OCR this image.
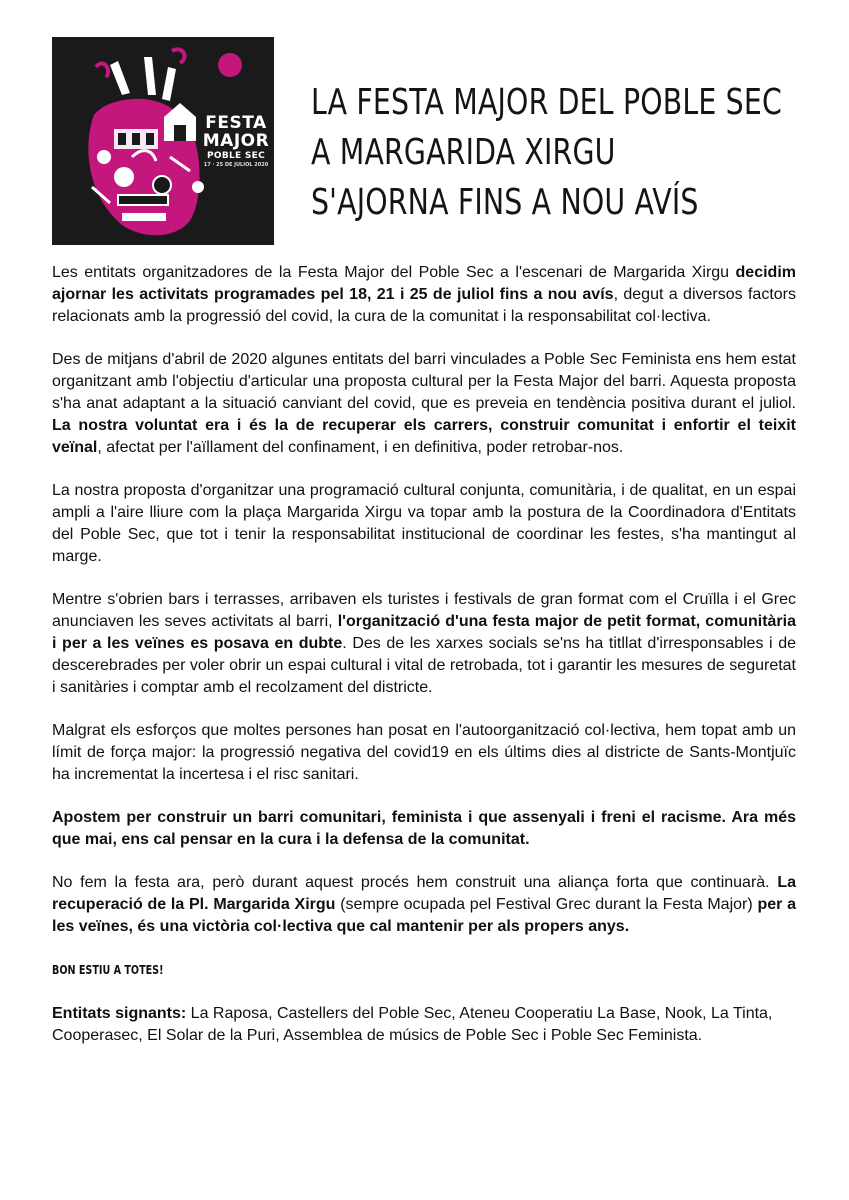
FESTA
MAJOR
POBLE SEC
17 · 25 DE JULIOL 2020
LA FESTA MAJOR DEL POBLE SEC
A MARGARIDA XIRGU
S'AJORNA FINS A NOU AVÍS

Les entitats organitzadores de la Festa Major del Poble Sec a l'escenari de Margarida Xirgu decidim ajornar les activitats programades pel 18, 21 i 25 de juliol fins a nou avís, degut a diversos factors relacionats amb la progressió del covid, la cura de la comunitat i la responsabilitat col·lectiva.

Des de mitjans d'abril de 2020 algunes entitats del barri vinculades a Poble Sec Feminista ens hem estat organitzant amb l'objectiu d'articular una proposta cultural per la Festa Major del barri. Aquesta proposta s'ha anat adaptant a la situació canviant del covid, que es preveia en tendència positiva durant el juliol. La nostra voluntat era i és la de recuperar els carrers, construir comunitat i enfortir el teixit veïnal, afectat per l'aïllament del confinament, i en definitiva, poder retrobar-nos.

La nostra proposta d'organitzar una programació cultural conjunta, comunitària, i de qualitat, en un espai ampli a l'aire lliure com la plaça Margarida Xirgu va topar amb la postura de la Coordinadora d'Entitats del Poble Sec, que tot i tenir la responsabilitat institucional de coordinar les festes, s'ha mantingut al marge.

Mentre s'obrien bars i terrasses, arribaven els turistes i festivals de gran format com el Cruïlla i el Grec anunciaven les seves activitats al barri, l'organització d'una festa major de petit format, comunitària i per a les veïnes es posava en dubte. Des de les xarxes socials se'ns ha titllat d'irresponsables i de descerebrades per voler obrir un espai cultural i vital de retrobada, tot i garantir les mesures de seguretat i sanitàries i comptar amb el recolzament del districte.

Malgrat els esforços que moltes persones han posat en l'autoorganització col·lectiva, hem topat amb un límit de força major: la progressió negativa del covid19 en els últims dies al districte de Sants-Montjuïc ha incrementat la incertesa i el risc sanitari.

Apostem per construir un barri comunitari, feminista i que assenyali i freni el racisme. Ara més que mai, ens cal pensar en la cura i la defensa de la comunitat.

No fem la festa ara, però durant aquest procés hem construit una aliança forta que continuarà. La recuperació de la Pl. Margarida Xirgu (sempre ocupada pel Festival Grec durant la Festa Major) per a les veïnes, és una victòria col·lectiva que cal mantenir per als propers anys.

BON ESTIU A TOTES!

Entitats signants: La Raposa, Castellers del Poble Sec, Ateneu Cooperatiu La Base, Nook, La Tinta, Cooperasec, El Solar de la Puri, Assemblea de músics de Poble Sec i Poble Sec Feminista.
